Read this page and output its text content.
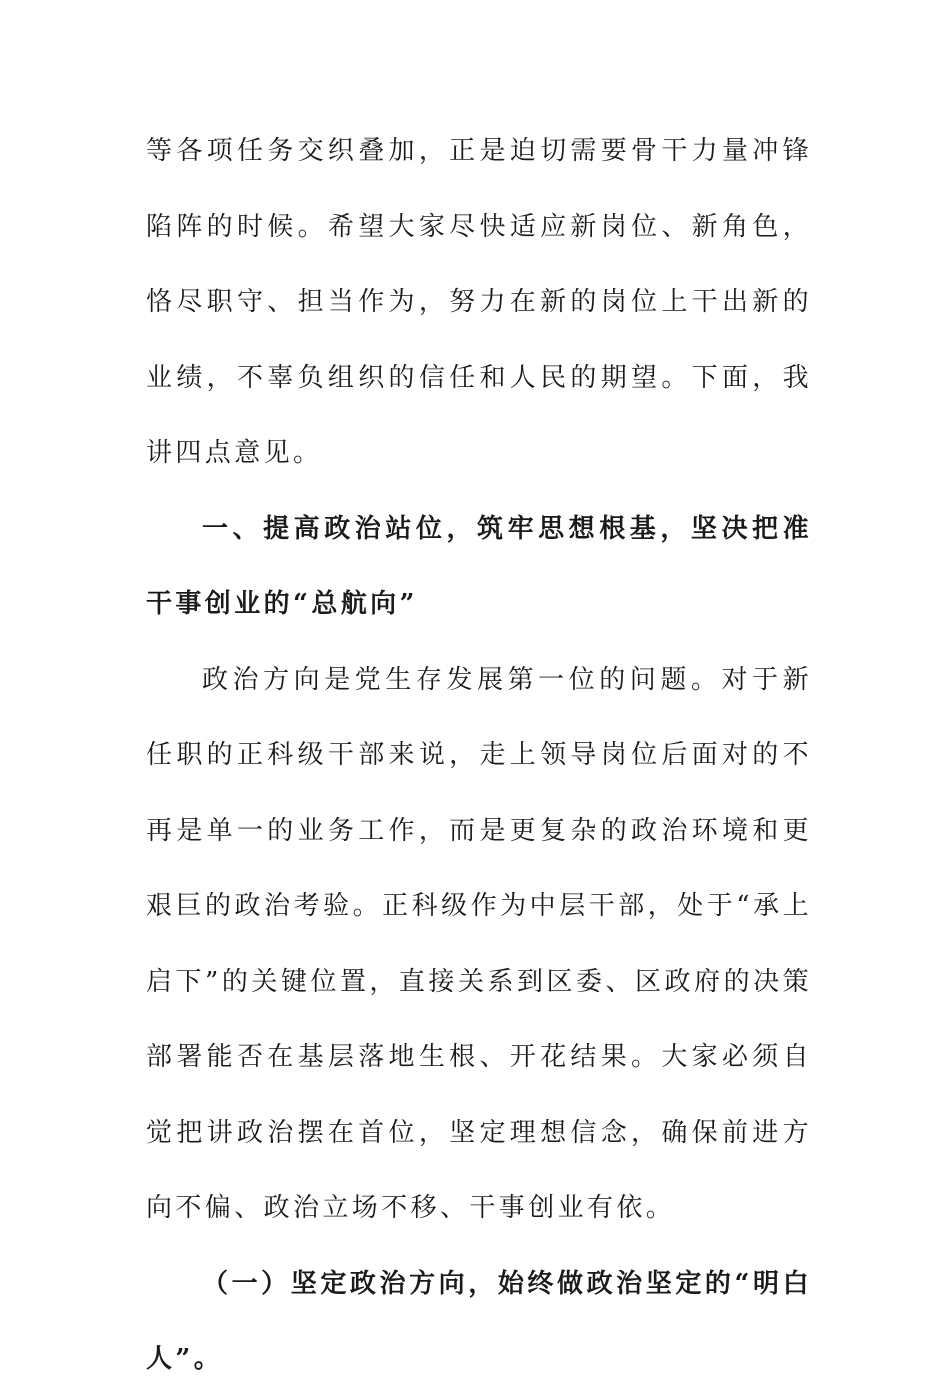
等各项任务交织叠加，正是迫切需要骨干力量冲锋陷阵的时候。希望大家尽快适应新岗位、新角色，恪尽职守、担当作为，努力在新的岗位上干出新的业绩，不辜负组织的信任和人民的期望。下面，我讲四点意见。

一、提高政治站位，筑牢思想根基，坚决把准干事创业的“总航向”

政治方向是党生存发展第一位的问题。对于新任职的正科级干部来说，走上领导岗位后面对的不再是单一的业务工作，而是更复杂的政治环境和更艰巨的政治考验。正科级作为中层干部，处于“承上启下”的关键位置，直接关系到区委、区政府的决策部署能否在基层落地生根、开花结果。大家必须自觉把讲政治摆在首位，坚定理想信念，确保前进方向不偏、政治立场不移、干事创业有依。

（一）坚定政治方向，始终做政治坚定的“明白人”。
